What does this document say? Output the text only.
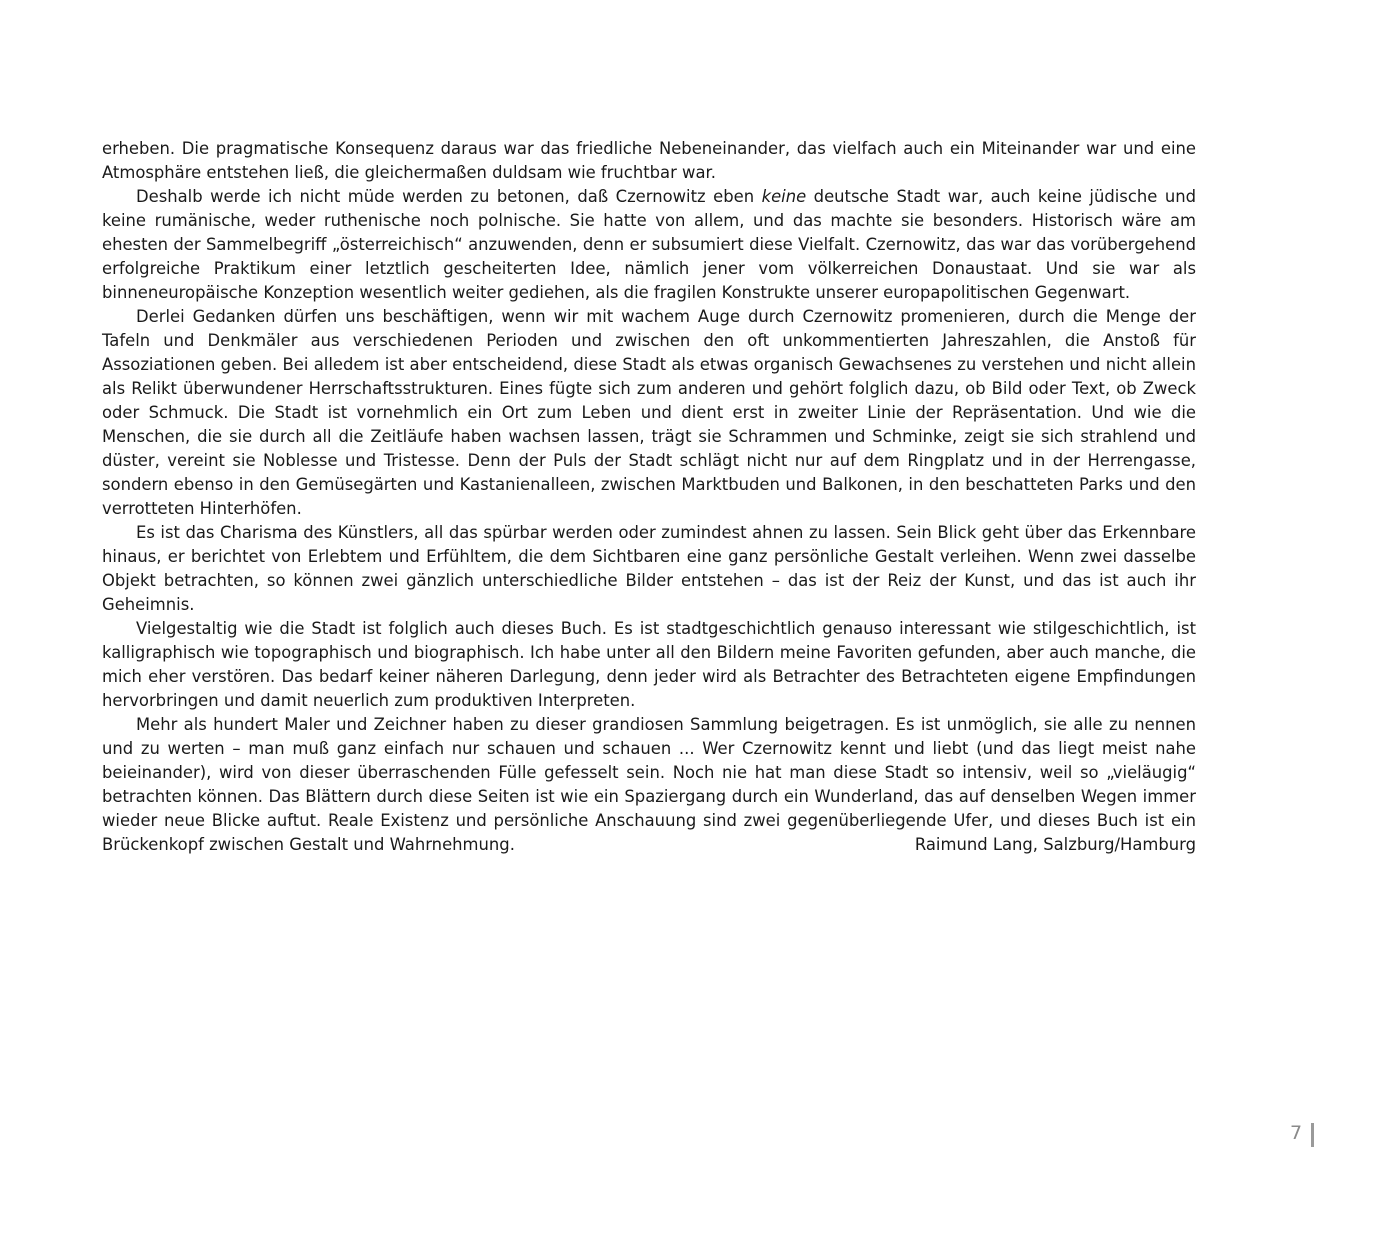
erheben. Die pragmatische Konsequenz daraus war das friedliche Nebeneinander, das vielfach auch ein Miteinander war und eine Atmosphäre entstehen ließ, die gleichermaßen duldsam wie fruchtbar war.

Deshalb werde ich nicht müde werden zu betonen, daß Czernowitz eben keine deutsche Stadt war, auch keine jüdische und keine rumänische, weder ruthenische noch polnische. Sie hatte von allem, und das machte sie besonders. Historisch wäre am ehesten der Sammelbegriff „österreichisch“ anzuwenden, denn er subsumiert diese Vielfalt. Czernowitz, das war das vorübergehend erfolgreiche Praktikum einer letztlich gescheiterten Idee, nämlich jener vom völkerreichen Donaustaat. Und sie war als binneneuropäische Konzeption wesentlich weiter gediehen, als die fragilen Konstrukte unserer europapolitischen Gegenwart.

Derlei Gedanken dürfen uns beschäftigen, wenn wir mit wachem Auge durch Czernowitz promenieren, durch die Menge der Tafeln und Denkmäler aus verschiedenen Perioden und zwischen den oft unkommentierten Jahreszahlen, die Anstoß für Assoziationen geben. Bei alledem ist aber entscheidend, diese Stadt als etwas organisch Gewachsenes zu verstehen und nicht allein als Relikt überwundener Herrschaftsstrukturen. Eines fügte sich zum anderen und gehört folglich dazu, ob Bild oder Text, ob Zweck oder Schmuck. Die Stadt ist vornehmlich ein Ort zum Leben und dient erst in zweiter Linie der Repräsentation. Und wie die Menschen, die sie durch all die Zeitläufe haben wachsen lassen, trägt sie Schrammen und Schminke, zeigt sie sich strahlend und düster, vereint sie Noblesse und Tristesse. Denn der Puls der Stadt schlägt nicht nur auf dem Ringplatz und in der Herrengasse, sondern ebenso in den Gemüsegärten und Kastanienalleen, zwischen Marktbuden und Balkonen, in den beschatteten Parks und den verrotteten Hinterhöfen.

Es ist das Charisma des Künstlers, all das spürbar werden oder zumindest ahnen zu lassen. Sein Blick geht über das Erkennbare hinaus, er berichtet von Erlebtem und Erfühltem, die dem Sichtbaren eine ganz persönliche Gestalt verleihen. Wenn zwei dasselbe Objekt betrachten, so können zwei gänzlich unterschiedliche Bilder entstehen – das ist der Reiz der Kunst, und das ist auch ihr Geheimnis.

Vielgestaltig wie die Stadt ist folglich auch dieses Buch. Es ist stadtgeschichtlich genauso interessant wie stilgeschichtlich, ist kalligraphisch wie topographisch und biographisch. Ich habe unter all den Bildern meine Favoriten gefunden, aber auch manche, die mich eher verstören. Das bedarf keiner näheren Darlegung, denn jeder wird als Betrachter des Betrachteten eigene Empfindungen hervorbringen und damit neuerlich zum produktiven Interpreten.

Mehr als hundert Maler und Zeichner haben zu dieser grandiosen Sammlung beigetragen. Es ist unmöglich, sie alle zu nennen und zu werten – man muß ganz einfach nur schauen und schauen ... Wer Czernowitz kennt und liebt (und das liegt meist nahe beieinander), wird von dieser überraschenden Fülle gefesselt sein. Noch nie hat man diese Stadt so intensiv, weil so „vieläugig“ betrachten können. Das Blättern durch diese Seiten ist wie ein Spaziergang durch ein Wunderland, das auf denselben Wegen immer wieder neue Blicke auftut. Reale Existenz und persönliche Anschauung sind zwei gegenüberliegende Ufer, und dieses Buch ist ein Brückenkopf zwischen Gestalt und Wahrnehmung.	Raimund Lang, Salzburg/Hamburg
7
